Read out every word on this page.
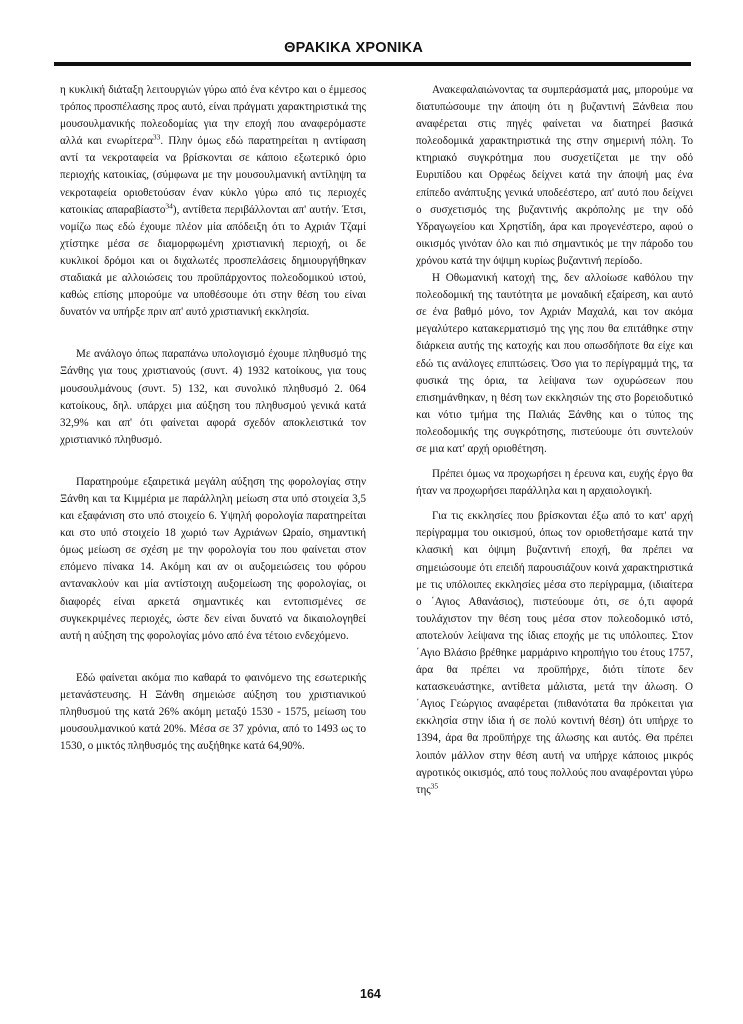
ΘΡΑΚΙΚΑ ΧΡΟΝΙΚΑ

η κυκλική διάταξη λειτουργιών γύρω από ένα κέντρο και ο έμμεσος τρόπος προσπέλασης προς αυτό, είναι πράγματι χαρακτηριστικά της μουσουλμανικής πολεοδομίας για την εποχή που αναφερόμαστε αλλά και ενωρίτερα$^{33}$. Πλην όμως εδώ παρατηρείται η αντίφαση αντί τα νεκροταφεία να βρίσκονται σε κάποιο εξωτερικό όριο περιοχής κατοικίας, (σύμφωνα με την μουσουλμανική αντίληψη τα νεκροταφεία οριοθετούσαν έναν κύκλο γύρω από τις περιοχές κατοικίας απαραβίαστο$^{34}$), αντίθετα περιβάλλονται απ' αυτήν. Έτσι, νομίζω πως εδώ έχουμε πλέον μία απόδειξη ότι το Αχριάν Τζαμί χτίστηκε μέσα σε διαμορφωμένη χριστιανική περιοχή, οι δε κυκλικοί δρόμοι και οι διχαλωτές προσπελάσεις δημιουργήθηκαν σταδιακά με αλλοιώσεις του προϋπάρχοντος πολεοδομικού ιστού, καθώς επίσης μπορούμε να υποθέσουμε ότι στην θέση του είναι δυνατόν να υπήρξε πριν απ' αυτό χριστιανική εκκλησία.

Με ανάλογο όπως παραπάνω υπολογισμό έχουμε πληθυσμό της Ξάνθης για τους χριστιανούς (συντ. 4) 1932 κατοίκους, για τους μουσουλμάνους (συντ. 5) 132, και συνολικό πληθυσμό 2. 064 κατοίκους, δηλ. υπάρχει μια αύξηση του πληθυσμού γενικά κατά 32,9% και απ' ότι φαίνεται αφορά σχεδόν αποκλειστικά τον χριστιανικό πληθυσμό.

Παρατηρούμε εξαιρετικά μεγάλη αύξηση της φορολογίας στην Ξάνθη και τα Κιμμέρια με παράλληλη μείωση στα υπό στοιχεία 3,5 και εξαφάνιση στο υπό στοιχείο 6. Υψηλή φορολογία παρατηρείται και στο υπό στοιχείο 18 χωριό των Αχριάνων Ωραίο, σημαντική όμως μείωση σε σχέση με την φορολογία του που φαίνεται στον επόμενο πίνακα 14. Ακόμη και αν οι αυξομειώσεις του φόρου αντανακλούν και μία αντίστοιχη αυξομείωση της φορολογίας, οι διαφορές είναι αρκετά σημαντικές και εντοπισμένες σε συγκεκριμένες περιοχές, ώστε δεν είναι δυνατό να δικαιολογηθεί αυτή η αύξηση της φορολογίας μόνο από ένα τέτοιο ενδεχόμενο.

Εδώ φαίνεται ακόμα πιο καθαρά το φαινόμενο της εσωτερικής μετανάστευσης. Η Ξάνθη σημειώσε αύξηση του χριστιανικού πληθυσμού της κατά 26% ακόμη μεταξύ 1530 - 1575, μείωση του μουσουλμανικού κατά 20%. Μέσα σε 37 χρόνια, από το 1493 ως το 1530, ο μικτός πληθυσμός της αυξήθηκε κατά 64,90%.

Ανακεφαλαιώνοντας τα συμπεράσματά μας, μπορούμε να διατυπώσουμε την άποψη ότι η βυζαντινή Ξάνθεια που αναφέρεται στις πηγές φαίνεται να διατηρεί βασικά πολεοδομικά χαρακτηριστικά της στην σημερινή πόλη. Το κτηριακό συγκρότημα που συσχετίζεται με την οδό Ευριπίδου και Ορφέως δείχνει κατά την άποψή μας ένα επίπεδο ανάπτυξης γενικά υποδεέστερο, απ' αυτό που δείχνει ο συσχετισμός της βυζαντινής ακρόπολης με την οδό Υδραγωγείου και Χρηστίδη, άρα και προγενέστερο, αφού ο οικισμός γινόταν όλο και πιό σημαντικός με την πάροδο του χρόνου κατά την όψιμη κυρίως βυζαντινή περίοδο.

Η Οθωμανική κατοχή της, δεν αλλοίωσε καθόλου την πολεοδομική της ταυτότητα με μοναδική εξαίρεση, και αυτό σε ένα βαθμό μόνο, τον Αχριάν Μαχαλά, και τον ακόμα μεγαλύτερο κατακερματισμό της γης που θα επιτάθηκε στην διάρκεια αυτής της κατοχής και που οπωσδήποτε θα είχε και εδώ τις ανάλογες επιπτώσεις. Όσο για το περίγραμμά της, τα φυσικά της όρια, τα λείψανα των οχυρώσεων που επισημάνθηκαν, η θέση των εκκλησιών της στο βορειοδυτικό και νότιο τμήμα της Παλιάς Ξάνθης και ο τύπος της πολεοδομικής της συγκρότησης, πιστεύουμε ότι συντελούν σε μια κατ' αρχή οριοθέτηση.

Πρέπει όμως να προχωρήσει η έρευνα και, ευχής έργο θα ήταν να προχωρήσει παράλληλα και η αρχαιολογική.

Για τις εκκλησίες που βρίσκονται έξω από το κατ' αρχή περίγραμμα του οικισμού, όπως τον οριοθετήσαμε κατά την κλασική και όψιμη βυζαντινή εποχή, θα πρέπει να σημειώσουμε ότι επειδή παρουσιάζουν κοινά χαρακτηριστικά με τις υπόλοιπες εκκλησίες μέσα στο περίγραμμα, (ιδιαίτερα ο ΄Αγιος Αθανάσιος), πιστεύουμε ότι, σε ό,τι αφορά τουλάχιστον την θέση τους μέσα στον πολεοδομικό ιστό, αποτελούν λείψανα της ίδιας εποχής με τις υπόλοιπες. Στον ΄Αγιο Βλάσιο βρέθηκε μαρμάρινο κηρoπήγιο του έτους 1757, άρα θα πρέπει να προϋπήρχε, διότι τίποτε δεν κατασκευάστηκε, αντίθετα μάλιστα, μετά την άλωση. Ο ΄Αγιος Γεώργιος αναφέρεται (πιθανότατα θα πρόκειται για εκκλησία στην ίδια ή σε πολύ κοντινή θέση) ότι υπήρχε το 1394, άρα θα προϋπήρχε της άλωσης και αυτός. Θα πρέπει λοιπόν μάλλον στην θέση αυτή να υπήρχε κάποιος μικρός αγροτικός οικισμός, από τους πολλούς που αναφέρονται γύρω της$^{35}$

164
